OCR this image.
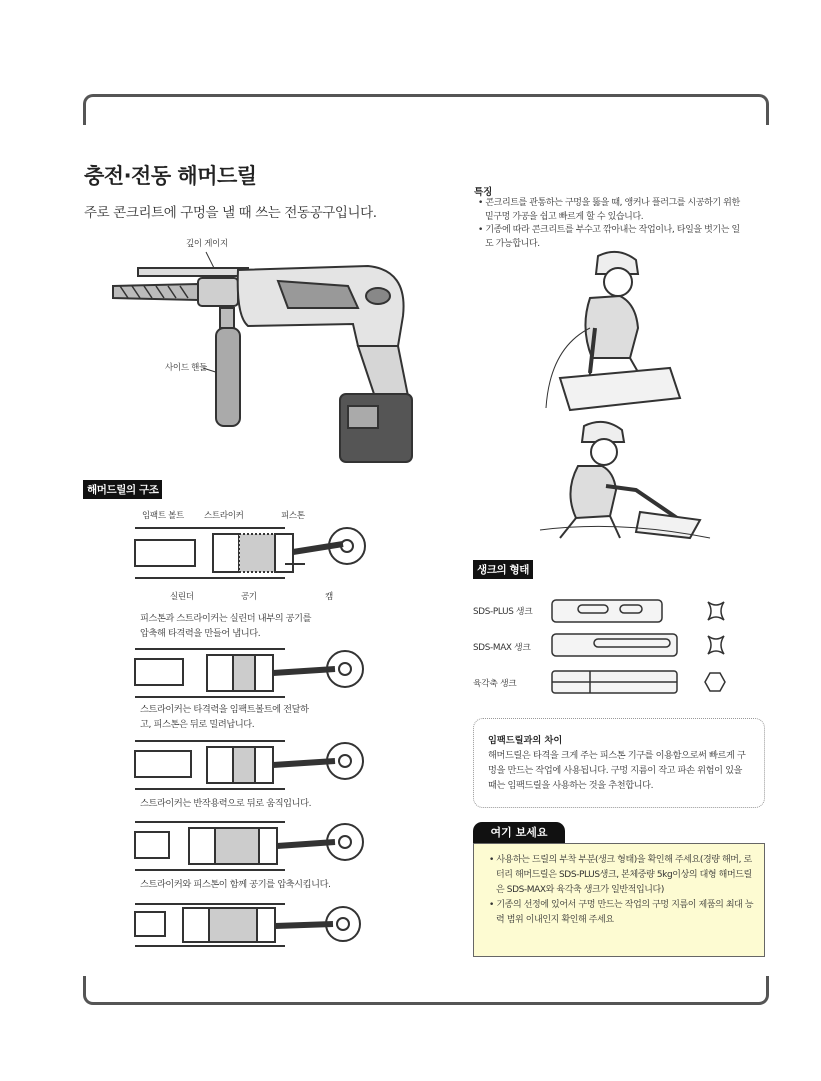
충전·전동 해머드릴
주로 콘크리트에 구멍을 낼 때 쓰는 전동공구입니다.
깊이 게이지
사이드 핸들
해머드릴의 구조
임팩트 볼트 스트라이커	피스톤
실린더	공기	캠
피스톤과 스트라이커는 실린더 내부의 공기를
압축해 타격력을 만들어 냅니다.
스트라이커는 타격력을 임팩트볼트에 전달하
고, 피스톤은 뒤로 밀려납니다.
스트라이커는 반작용력으로 뒤로 움직입니다.
스트라이커와 피스톤이 함께 공기를 압축시킵니다.
특징
• 콘크리트를 관통하는 구멍을 뚫을 때, 앵커나 플러그를 시공하기 위한 밑구멍 가공을 쉽고 빠르게 할 수 있습니다.
• 기종에 따라 콘크리트를 부수고 깎아내는 작업이나, 타일을 벗기는 일도 가능합니다.
생크의 형태
SDS-PLUS 생크
SDS-MAX 생크
육각축 생크
임팩드릴과의 차이
해머드릴은 타격을 크게 주는 피스톤 기구를 이용함으로써 빠르게 구멍을 만드는 작업에 사용됩니다. 구멍 지름이 작고 파손 위험이 있을 때는 임팩드릴을 사용하는 것을 추천합니다.
여기 보세요
• 사용하는 드릴의 부착 부분(생크 형태)을 확인해 주세요(경량 해머, 로터리 해머드릴은 SDS-PLUS생크, 본체중량 5kg이상의 대형 해머드릴은 SDS-MAX와 육각축 생크가 일반적입니다)
• 기종의 선정에 있어서 구멍 만드는 작업의 구멍 지름이 제품의 최대 능력 범위 이내인지 확인해 주세요
